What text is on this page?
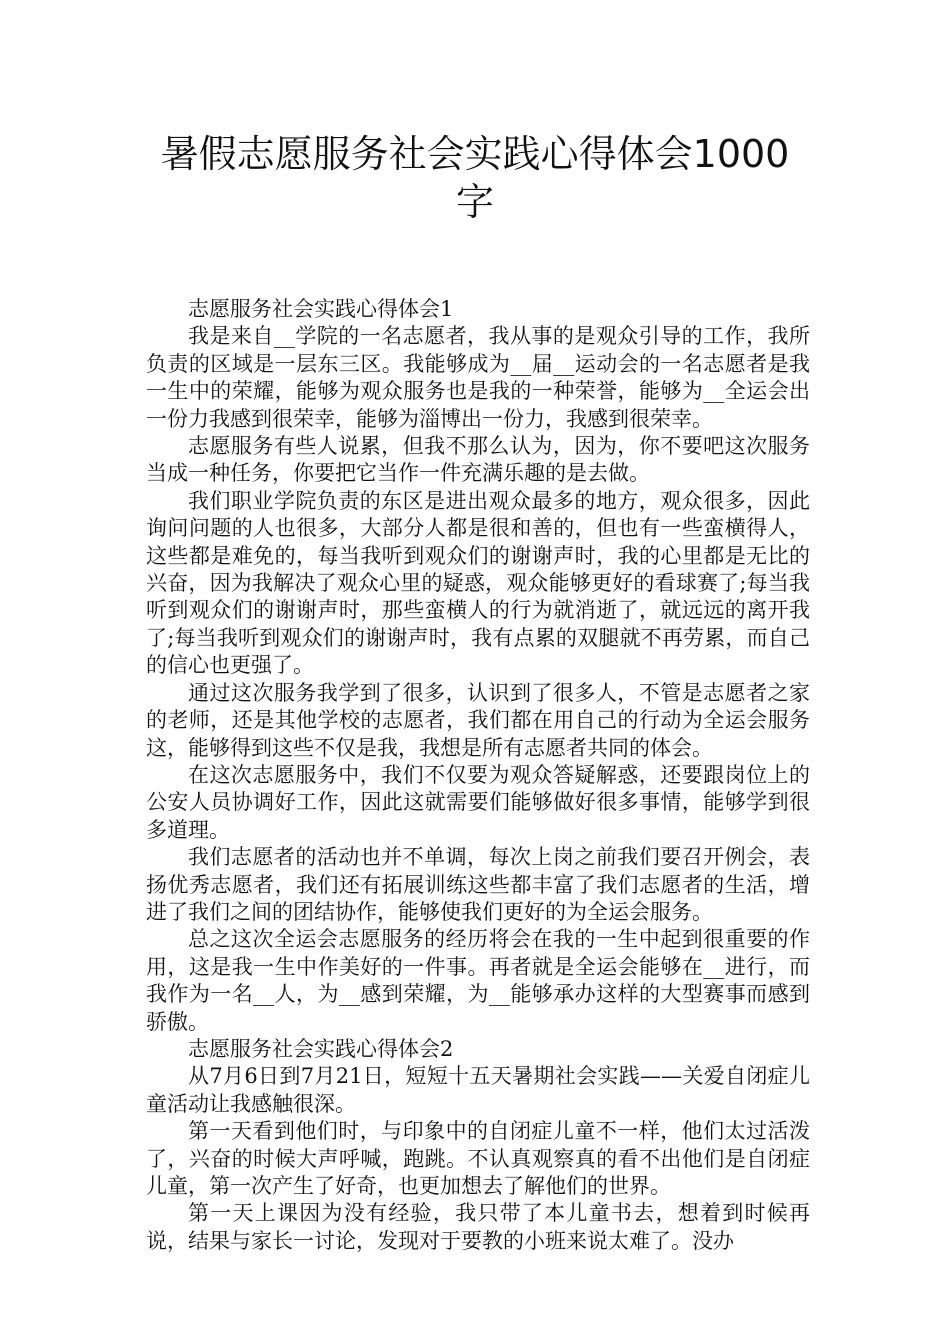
暑假志愿服务社会实践心得体会1000字

志愿服务社会实践心得体会1

我是来自__学院的一名志愿者，我从事的是观众引导的工作，我所负责的区域是一层东三区。我能够成为__届__运动会的一名志愿者是我一生中的荣耀，能够为观众服务也是我的一种荣誉，能够为__全运会出一份力我感到很荣幸，能够为淄博出一份力，我感到很荣幸。

志愿服务有些人说累，但我不那么认为，因为，你不要吧这次服务当成一种任务，你要把它当作一件充满乐趣的是去做。

我们职业学院负责的东区是进出观众最多的地方，观众很多，因此询问问题的人也很多，大部分人都是很和善的，但也有一些蛮横得人，这些都是难免的，每当我听到观众们的谢谢声时，我的心里都是无比的兴奋，因为我解决了观众心里的疑惑，观众能够更好的看球赛了;每当我听到观众们的谢谢声时，那些蛮横人的行为就消逝了，就远远的离开我了;每当我听到观众们的谢谢声时，我有点累的双腿就不再劳累，而自己的信心也更强了。

通过这次服务我学到了很多，认识到了很多人，不管是志愿者之家的老师，还是其他学校的志愿者，我们都在用自己的行动为全运会服务这，能够得到这些不仅是我，我想是所有志愿者共同的体会。

在这次志愿服务中，我们不仅要为观众答疑解惑，还要跟岗位上的公安人员协调好工作，因此这就需要们能够做好很多事情，能够学到很多道理。

我们志愿者的活动也并不单调，每次上岗之前我们要召开例会，表扬优秀志愿者，我们还有拓展训练这些都丰富了我们志愿者的生活，增进了我们之间的团结协作，能够使我们更好的为全运会服务。

总之这次全运会志愿服务的经历将会在我的一生中起到很重要的作用，这是我一生中作美好的一件事。再者就是全运会能够在__进行，而我作为一名__人，为__感到荣耀，为__能够承办这样的大型赛事而感到骄傲。

志愿服务社会实践心得体会2

从7月6日到7月21日，短短十五天暑期社会实践——关爱自闭症儿童活动让我感触很深。

第一天看到他们时，与印象中的自闭症儿童不一样，他们太过活泼了，兴奋的时候大声呼喊，跑跳。不认真观察真的看不出他们是自闭症儿童，第一次产生了好奇，也更加想去了解他们的世界。

第一天上课因为没有经验，我只带了本儿童书去，想着到时候再说，结果与家长一讨论，发现对于要教的小班来说太难了。没办
